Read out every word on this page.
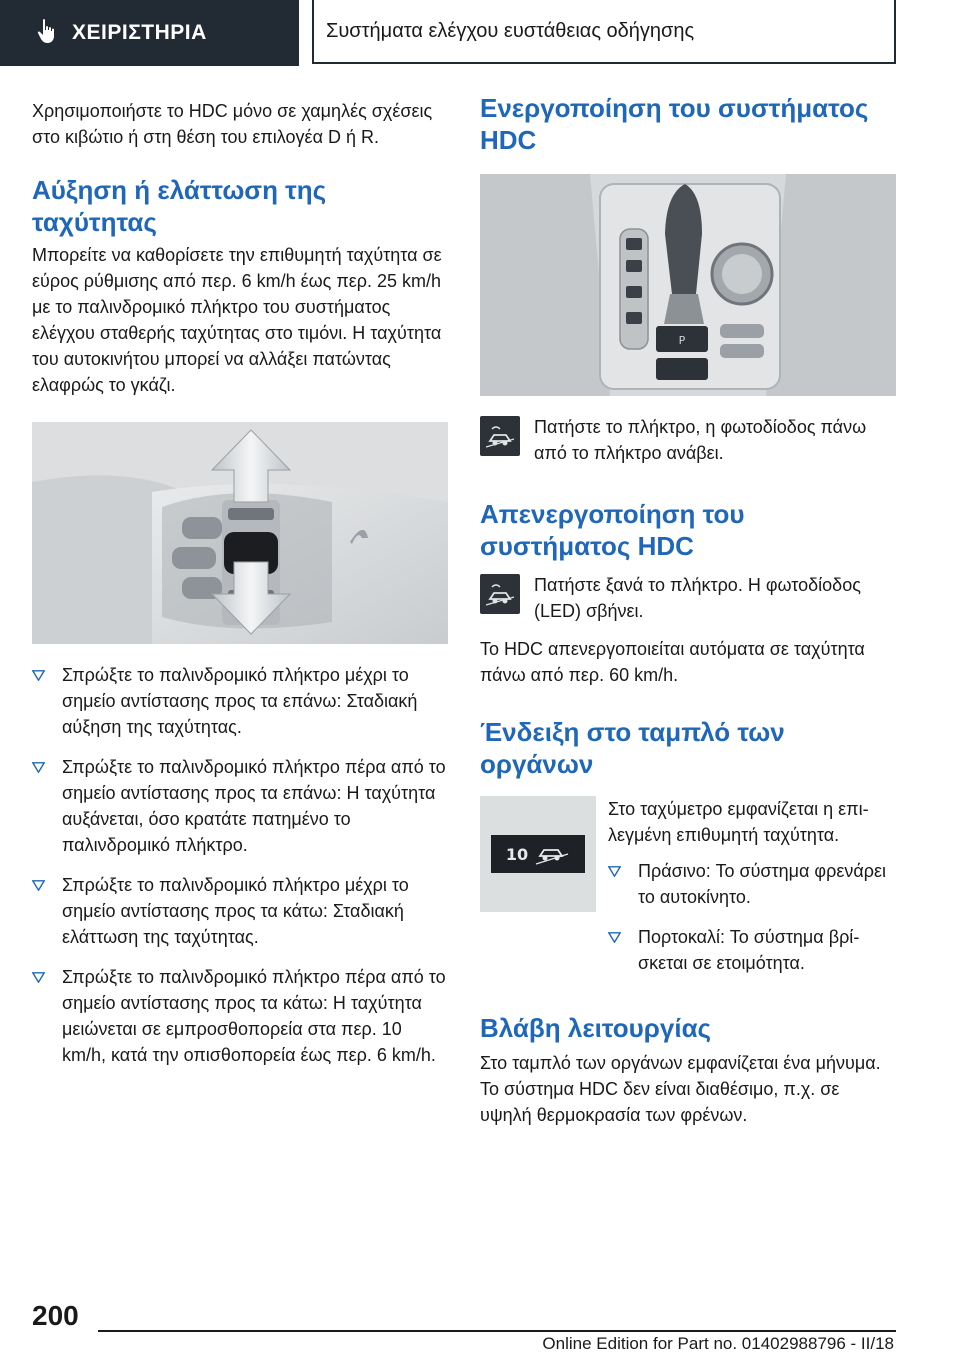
ΧΕΙΡΙΣΤΗΡΙΑ	Συστήματα ελέγχου ευστάθειας οδήγησης

Χρησιμοποιήστε το HDC μόνο σε χαμηλές σχέσεις στο κιβώτιο ή στη θέση του επιλογέα D ή R.

Αύξηση ή ελάττωση της ταχύτητας

Μπορείτε να καθορίσετε την επιθυμητή ταχύτητα σε εύρος ρύθμισης από περ. 6 km/h έως περ. 25 km/h με το παλινδρομικό πλήκτρο του συστήματος ελέγχου σταθερής ταχύτητας στο τιμόνι. Η ταχύτητα του αυτοκινήτου μπορεί να αλλάξει πατώντας ελαφρώς το γκάζι.

Σπρώξτε το παλινδρομικό πλήκτρο μέχρι το σημείο αντίστασης προς τα επάνω: Σταδιακή αύξηση της ταχύτητας.
Σπρώξτε το παλινδρομικό πλήκτρο πέρα από το σημείο αντίστασης προς τα επάνω: Η ταχύτητα αυξάνεται, όσο κρατάτε πατημένο το παλινδρομικό πλήκτρο.
Σπρώξτε το παλινδρομικό πλήκτρο μέχρι το σημείο αντίστασης προς τα κάτω: Σταδιακή ελάττωση της ταχύτητας.
Σπρώξτε το παλινδρομικό πλήκτρο πέρα από το σημείο αντίστασης προς τα κάτω: Η ταχύτητα μειώνεται σε εμπροσθοπορεία στα περ. 10 km/h, κατά την οπισθοπορεία έως περ. 6 km/h.
Ενεργοποίηση του συστήματος HDC
P

Πατήστε το πλήκτρο, η φωτοδίοδος πάνω από το πλήκτρο ανάβει.

Απενεργοποίηση του συστήματος HDC

Πατήστε ξανά το πλήκτρο. Η φωτοδίοδος (LED) σβήνει.

Το HDC απενεργοποιείται αυτόματα σε ταχύτητα πάνω από περ. 60 km/h.

Ένδειξη στο ταμπλό των οργάνων
10

Στο ταχύμετρο εμφανίζεται η επιλεγμένη επιθυμητή ταχύτητα.

Πράσινο: Το σύστημα φρενάρει το αυτοκίνητο.
Πορτοκαλί: Το σύστημα βρίσκεται σε ετοιμότητα.
Βλάβη λειτουργίας

Στο ταμπλό των οργάνων εμφανίζεται ένα μήνυμα. Το σύστημα HDC δεν είναι διαθέσιμο, π.χ. σε υψηλή θερμοκρασία των φρένων.

200
Online Edition for Part no. 01402988796 - II/18
